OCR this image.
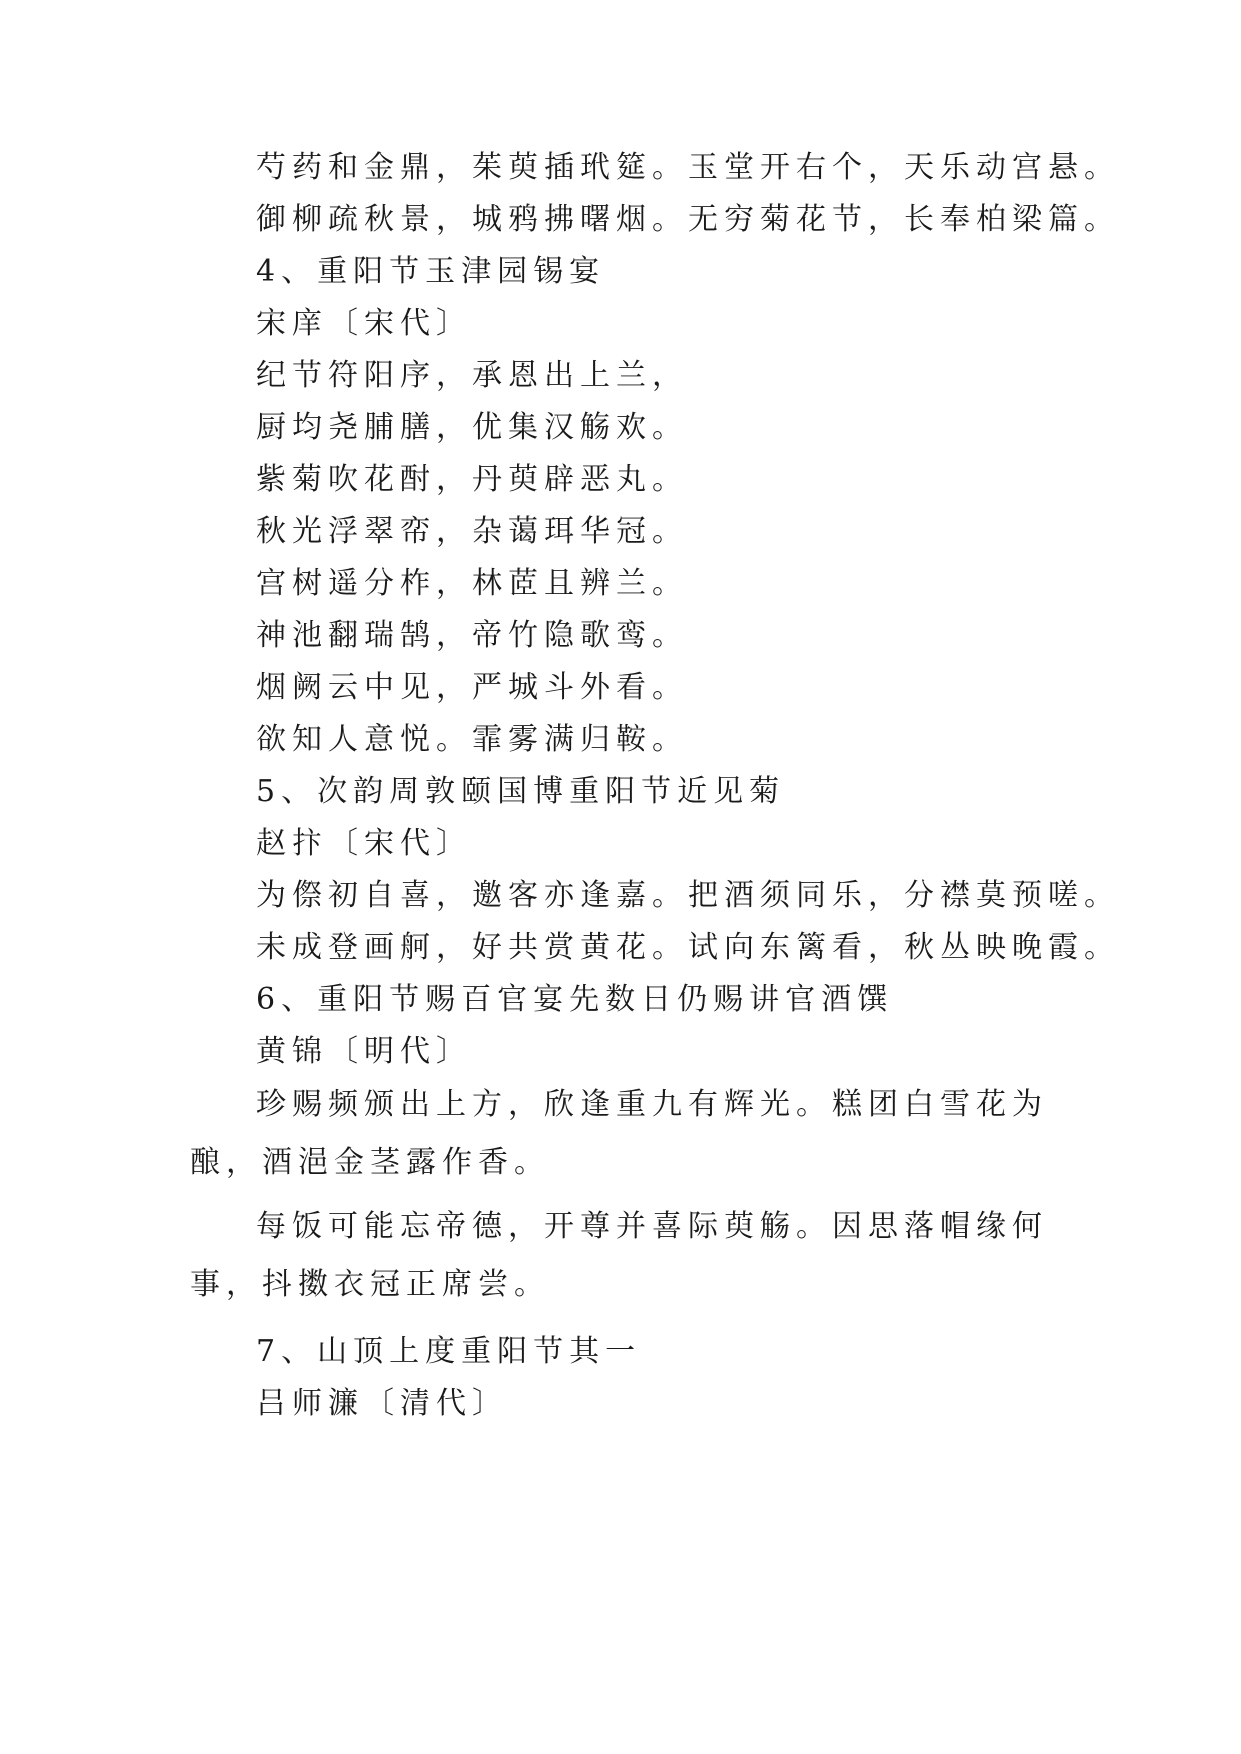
芍药和金鼎，茱萸插玳筵。玉堂开右个，天乐动宫悬。
御柳疏秋景，城鸦拂曙烟。无穷菊花节，长奉柏梁篇。
4、重阳节玉津园锡宴
宋庠〔宋代〕
纪节符阳序，承恩出上兰，
厨均尧脯膳，优集汉觞欢。
紫菊吹花酎，丹萸辟恶丸。
秋光浮翠帟，杂蔼珥华冠。
宫树遥分柞，林茝且辨兰。
神池翻瑞鹄，帝竹隐歌鸾。
烟阙云中见，严城斗外看。
欲知人意悦。霏雾满归鞍。
5、次韵周敦颐国博重阳节近见菊
赵抃〔宋代〕
为傺初自喜，邀客亦逢嘉。把酒须同乐，分襟莫预嗟。
未成登画舸，好共赏黄花。试向东篱看，秋丛映晚霞。
6、重阳节赐百官宴先数日仍赐讲官酒馔
黄锦〔明代〕
珍赐频颁出上方，欣逢重九有辉光。糕团白雪花为酿，酒浥金茎露作香。
每饭可能忘帝德，开尊并喜际萸觞。因思落帽缘何事，抖擞衣冠正席尝。
7、山顶上度重阳节其一
吕师濂〔清代〕
